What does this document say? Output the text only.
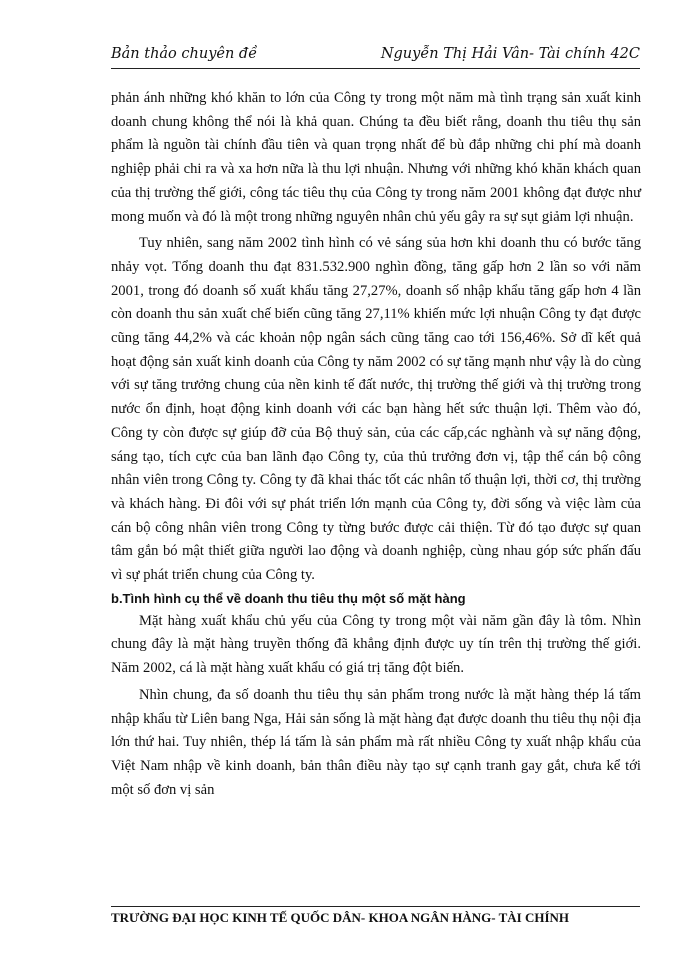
Bản thảo chuyên đề	Nguyễn Thị Hải Vân- Tài chính 42C

phản ánh những khó khăn to lớn của Công ty trong một năm mà tình trạng sản xuất kinh doanh chung không thể nói là khả quan. Chúng ta đều biết rằng, doanh thu tiêu thụ sản phẩm là nguồn tài chính đầu tiên và quan trọng nhất để bù đắp những chi phí mà doanh nghiệp phải chi ra và xa hơn nữa là thu lợi nhuận. Nhưng với những khó khăn khách quan của thị trường thế giới, công tác tiêu thụ của Công ty trong năm 2001 không đạt được như mong muốn và đó là một trong những nguyên nhân chủ yếu gây ra sự sụt giảm lợi nhuận.

Tuy nhiên, sang năm 2002 tình hình có vẻ sáng sủa hơn khi doanh thu có bước tăng nhảy vọt. Tổng doanh thu đạt 831.532.900 nghìn đồng, tăng gấp hơn 2 lần so với năm 2001, trong đó doanh số xuất khẩu tăng 27,27%, doanh số nhập khẩu tăng gấp hơn 4 lần còn doanh thu sản xuất chế biến cũng tăng 27,11% khiến mức lợi nhuận Công ty đạt được cũng tăng 44,2% và các khoản nộp ngân sách cũng tăng cao tới 156,46%. Sở dĩ kết quả hoạt động sản xuất kinh doanh của Công ty năm 2002 có sự tăng mạnh như vậy là do cùng với sự tăng trưởng chung của nền kinh tế đất nước, thị trường thế giới và thị trường trong nước ổn định, hoạt động kinh doanh với các bạn hàng hết sức thuận lợi. Thêm vào đó, Công ty còn được sự giúp đỡ của Bộ thuỷ sản, của các cấp,các nghành và sự năng động, sáng tạo, tích cực của ban lãnh đạo Công ty, của thủ trưởng đơn vị, tập thể cán bộ công nhân viên trong Công ty. Công ty đã khai thác tốt các nhân tố thuận lợi, thời cơ, thị trường và khách hàng. Đi đôi với sự phát triển lớn mạnh của Công ty, đời sống và việc làm của cán bộ công nhân viên trong Công ty từng bước được cải thiện. Từ đó tạo được sự quan tâm gắn bó mật thiết giữa người lao động và doanh nghiệp, cùng nhau góp sức phấn đấu vì sự phát triển chung của Công ty.

b.Tình hình cụ thể về doanh thu tiêu thụ một số mặt hàng

Mặt hàng xuất khẩu chủ yếu của Công ty trong một vài năm gần đây là tôm. Nhìn chung đây là mặt hàng truyền thống đã khẳng định được uy tín trên thị trường thế giới. Năm 2002, cá là mặt hàng xuất khẩu có giá trị tăng đột biến.

Nhìn chung, đa số doanh thu tiêu thụ sản phẩm trong nước là mặt hàng thép lá tấm nhập khẩu từ Liên bang Nga, Hải sản sống là mặt hàng đạt được doanh thu tiêu thụ nội địa lớn thứ hai. Tuy nhiên, thép lá tấm là sản phẩm mà rất nhiều Công ty xuất nhập khẩu của Việt Nam nhập về kinh doanh, bản thân điều này tạo sự cạnh tranh gay gắt, chưa kể tới một số đơn vị sản

TRƯỜNG ĐẠI HỌC KINH TẾ QUỐC DÂN- KHOA NGÂN HÀNG- TÀI CHÍNH
